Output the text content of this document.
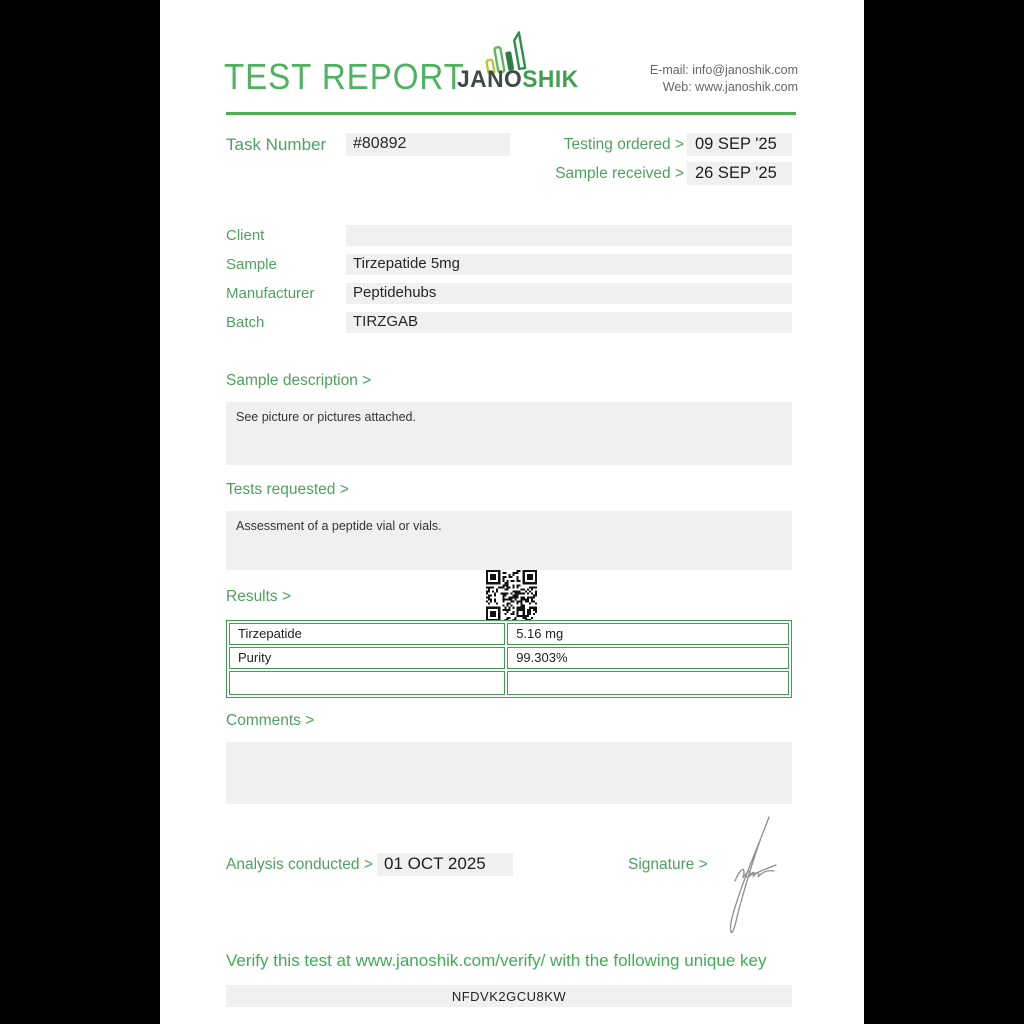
TEST REPORT
JANOSHIK	E-mail: info@janoshik.com
Web: www.janoshik.com
Task Number	#80892	Testing ordered > 09 SEP '25
Sample received > 26 SEP '25
Client
Sample	Tirzepatide 5mg
Manufacturer	Peptidehubs
Batch	TIRZGAB
Sample description >
See picture or pictures attached.
Tests requested >
Assessment of a peptide vial or vials.
Results >
Tirzepatide	5.16 mg
Purity	99.303%

Comments >
Analysis conducted > 01 OCT 2025	Signature >
Verify this test at www.janoshik.com/verify/ with the following unique key
NFDVK2GCU8KW
